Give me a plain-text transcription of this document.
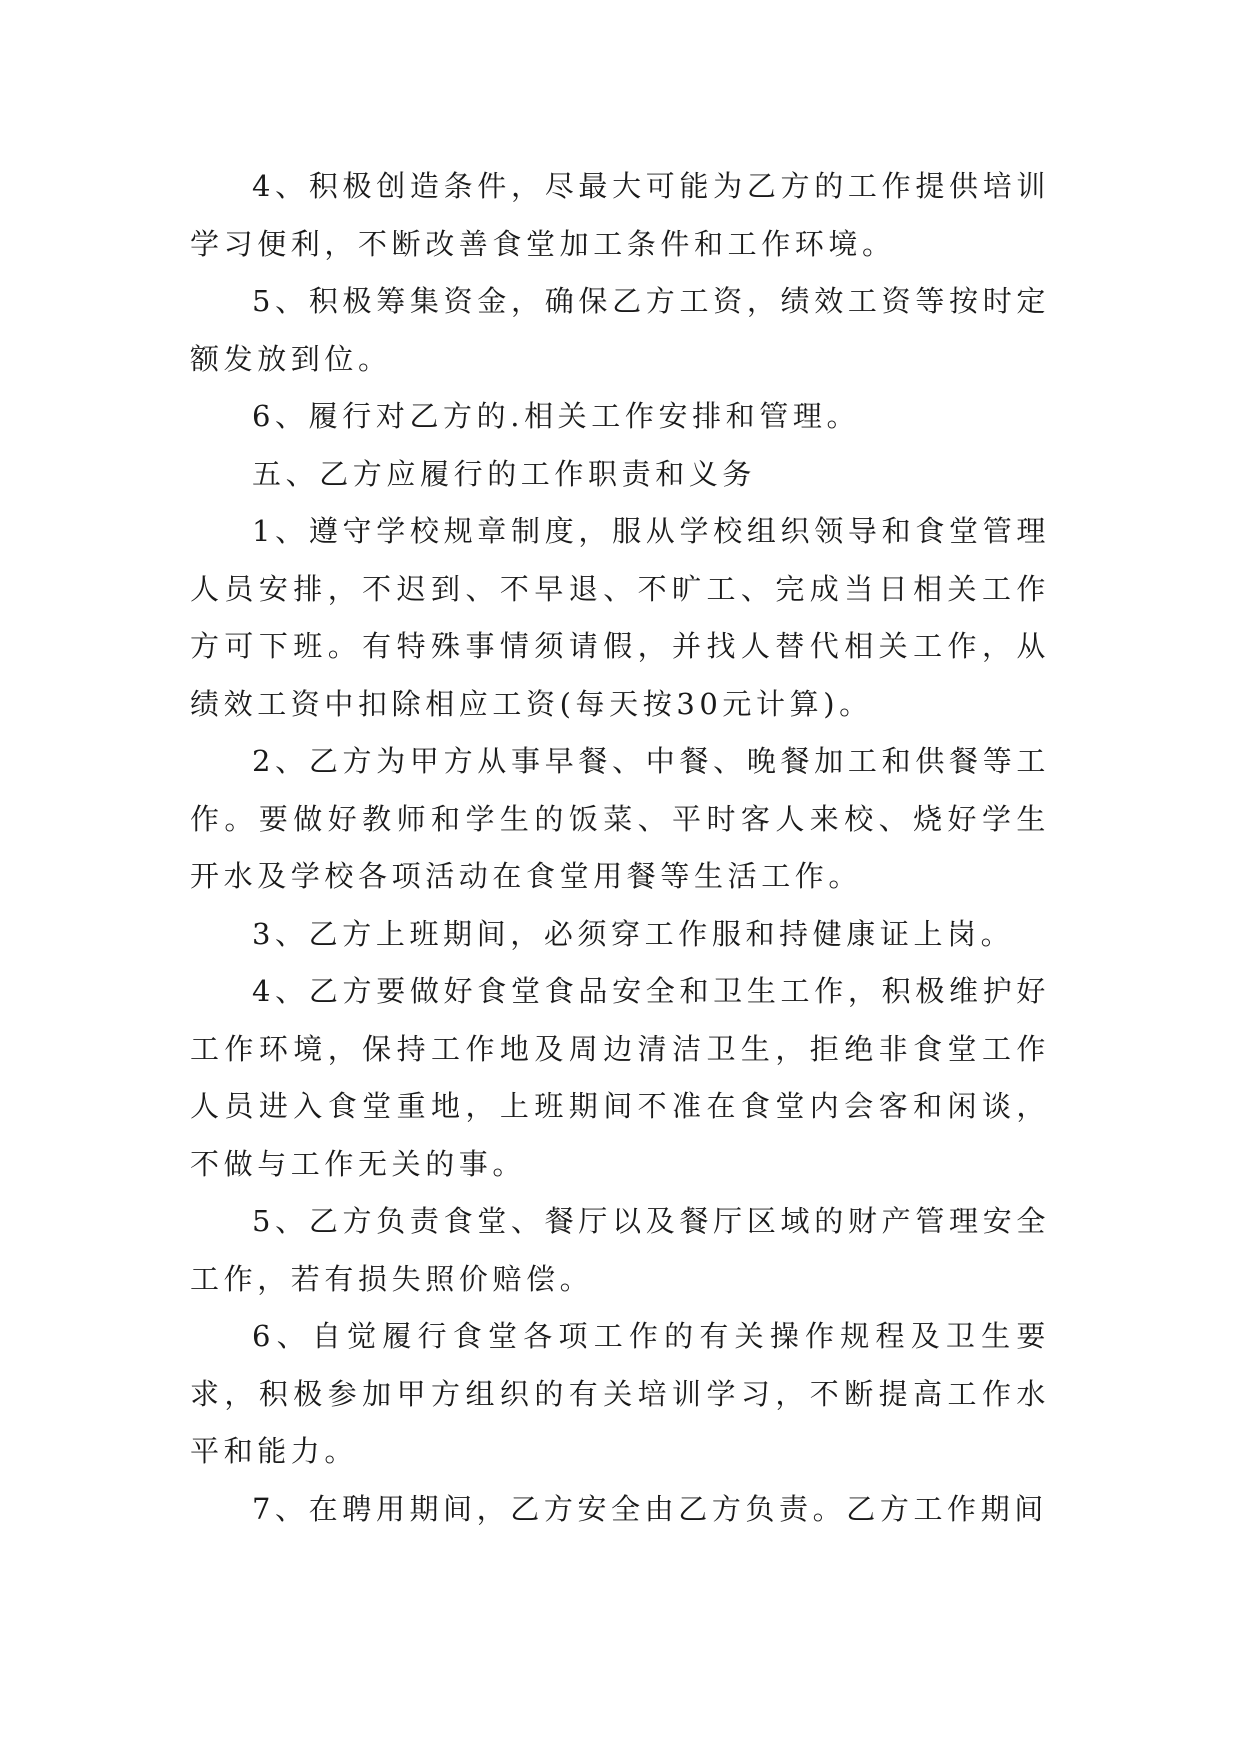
4、积极创造条件，尽最大可能为乙方的工作提供培训学习便利，不断改善食堂加工条件和工作环境。

5、积极筹集资金，确保乙方工资，绩效工资等按时定额发放到位。

6、履行对乙方的.相关工作安排和管理。

五、乙方应履行的工作职责和义务

1、遵守学校规章制度，服从学校组织领导和食堂管理人员安排，不迟到、不早退、不旷工、完成当日相关工作方可下班。有特殊事情须请假，并找人替代相关工作，从绩效工资中扣除相应工资(每天按30元计算)。

2、乙方为甲方从事早餐、中餐、晚餐加工和供餐等工作。要做好教师和学生的饭菜、平时客人来校、烧好学生开水及学校各项活动在食堂用餐等生活工作。

3、乙方上班期间，必须穿工作服和持健康证上岗。

4、乙方要做好食堂食品安全和卫生工作，积极维护好工作环境，保持工作地及周边清洁卫生，拒绝非食堂工作人员进入食堂重地，上班期间不准在食堂内会客和闲谈，不做与工作无关的事。

5、乙方负责食堂、餐厅以及餐厅区域的财产管理安全工作，若有损失照价赔偿。

6、自觉履行食堂各项工作的有关操作规程及卫生要求，积极参加甲方组织的有关培训学习，不断提高工作水平和能力。

7、在聘用期间，乙方安全由乙方负责。乙方工作期间
